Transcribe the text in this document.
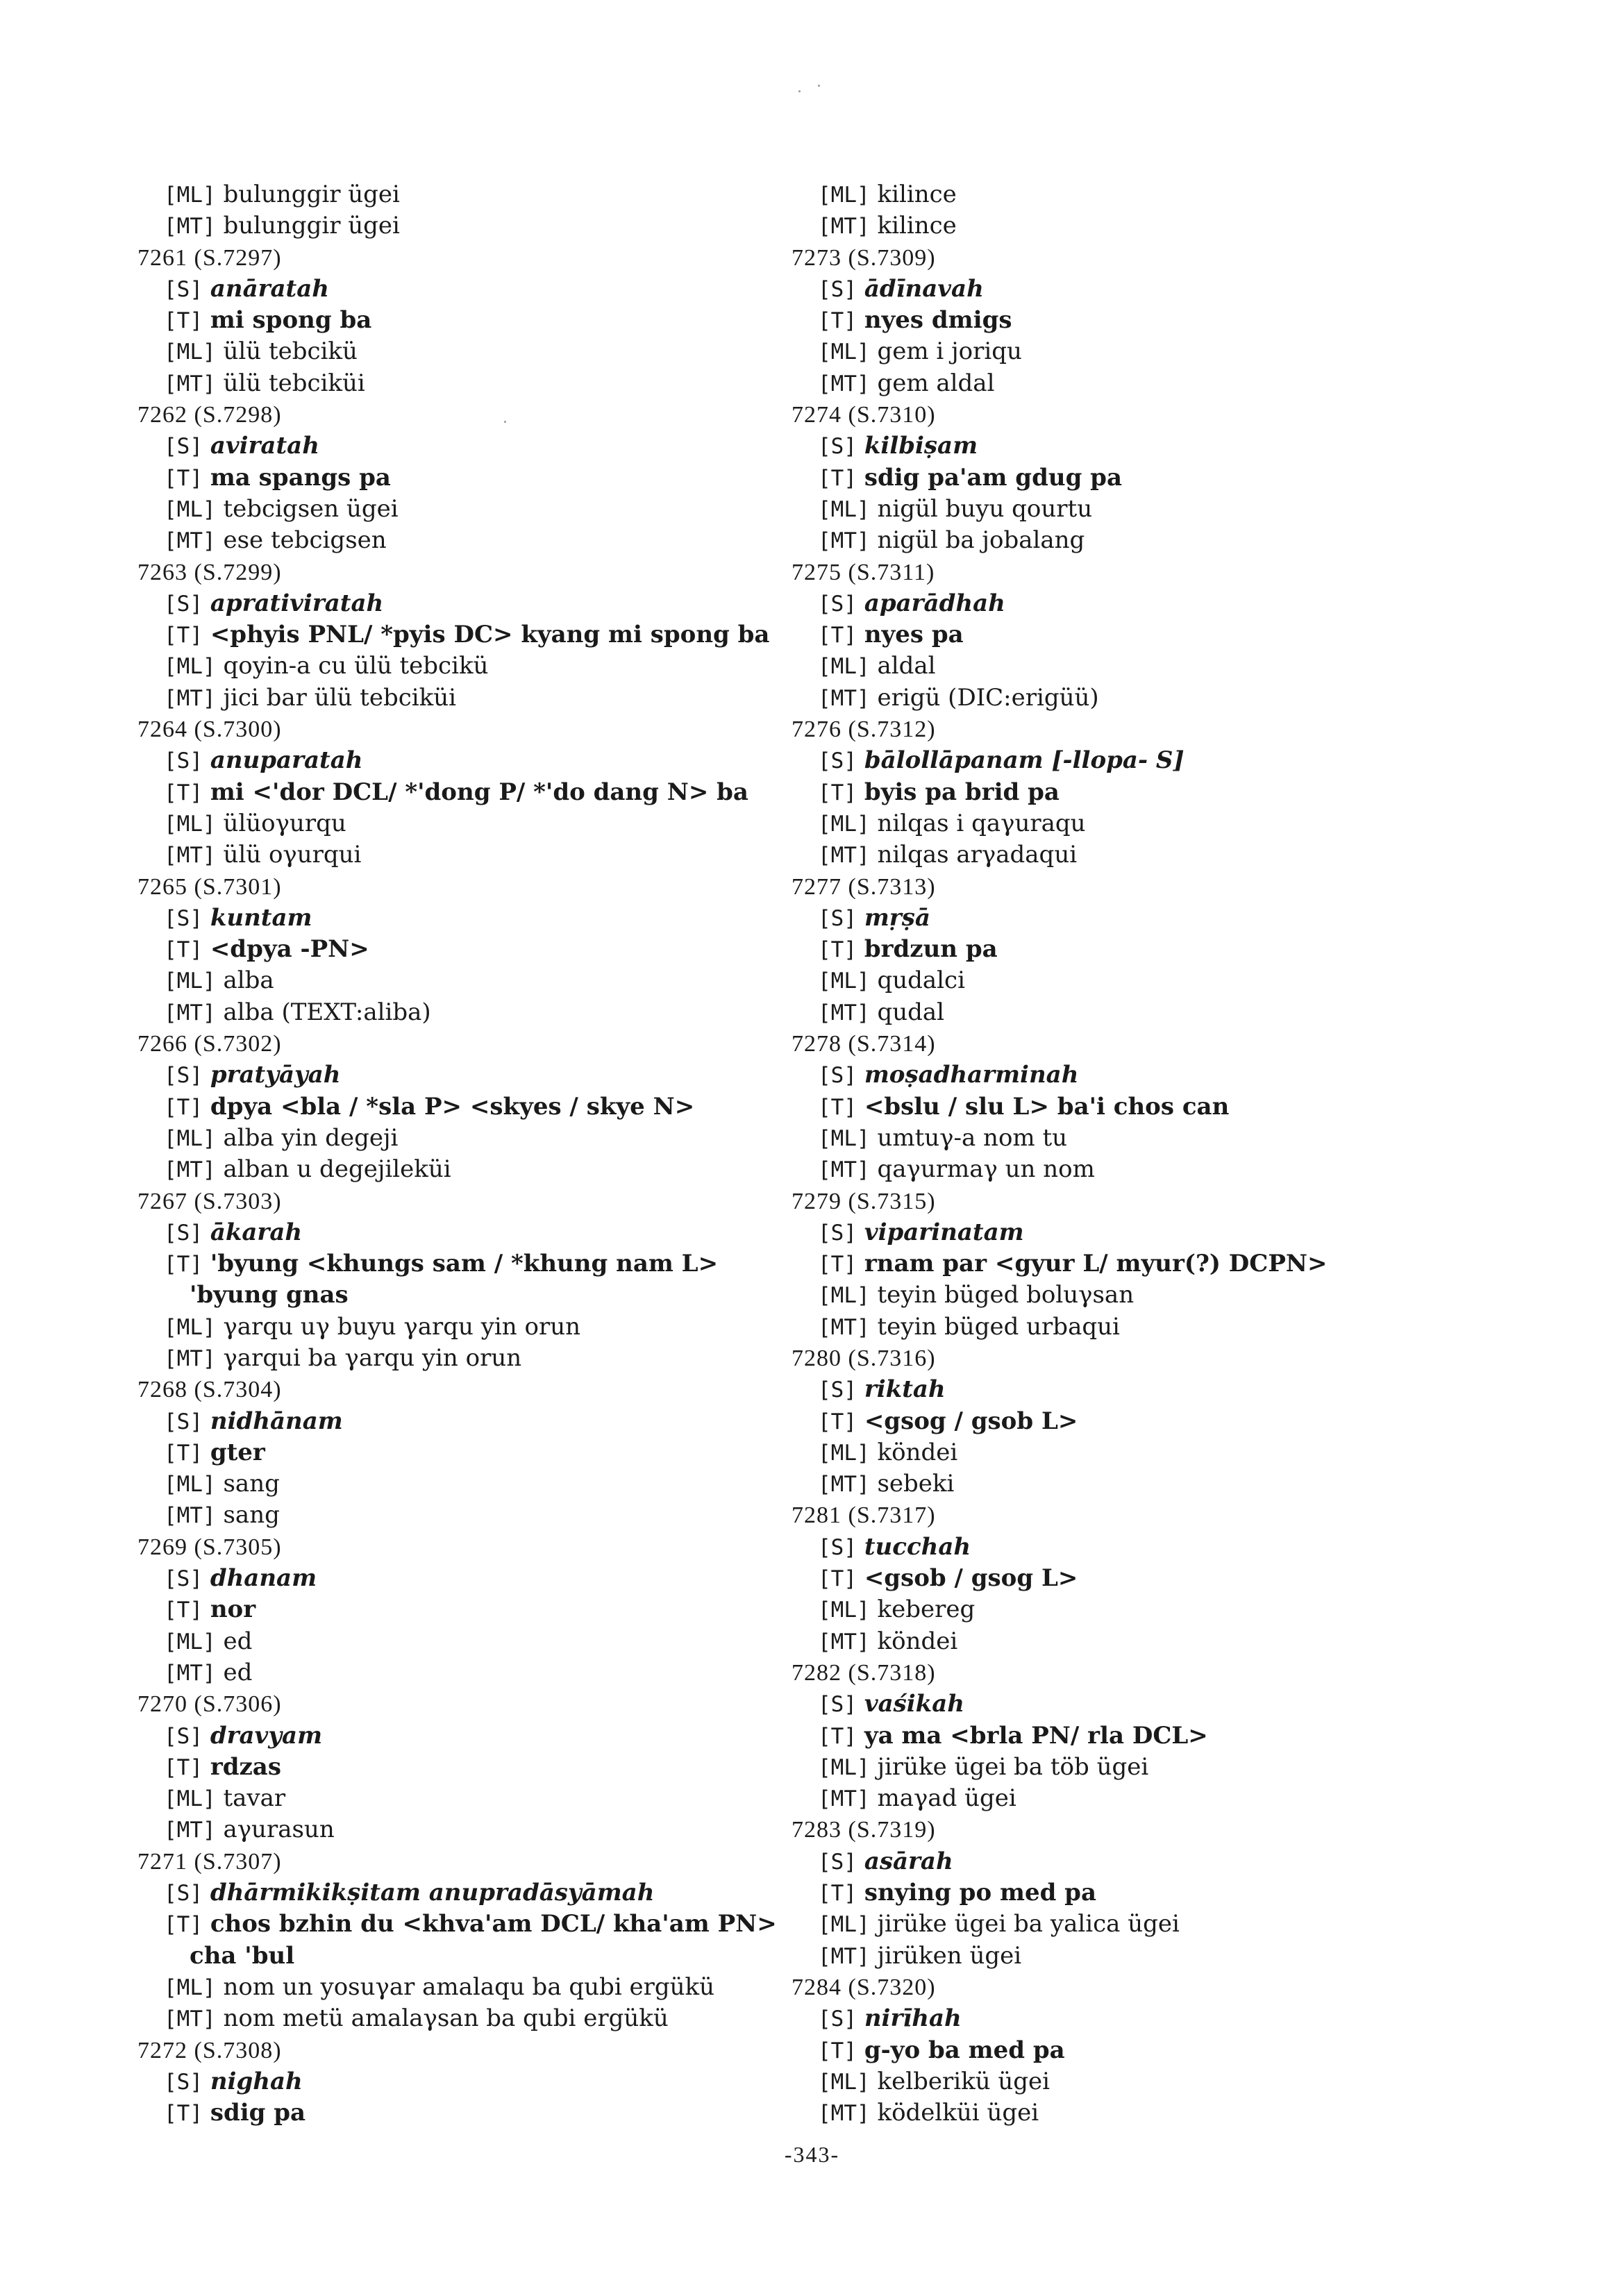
[ML] bulunggir ügei
[MT] bulunggir ügei
7261 (S.7297)
[S] anāratah
[T] mi spong ba
[ML] ülü tebcikü
[MT] ülü tebciküi
7262 (S.7298)
[S] aviratah
[T] ma spangs pa
[ML] tebcigsen ügei
[MT] ese tebcigsen
7263 (S.7299)
[S] aprativiratah
[T] <phyis PNL/ *pyis DC> kyang mi spong ba
[ML] qoyin-a cu ülü tebcikü
[MT] jici bar ülü tebciküi
7264 (S.7300)
[S] anuparatah
[T] mi <'dor DCL/ *'dong P/ *'do dang N> ba
[ML] ülüoγurqu
[MT] ülü oγurqui
7265 (S.7301)
[S] kuntam
[T] <dpya -PN>
[ML] alba
[MT] alba (TEXT:aliba)
7266 (S.7302)
[S] pratyāyah
[T] dpya <bla / *sla P> <skyes / skye N>
[ML] alba yin degeji
[MT] alban u degejileküi
7267 (S.7303)
[S] ākarah
[T] 'byung <khungs sam / *khung nam L>
'byung gnas
[ML] γarqu uγ buyu γarqu yin orun
[MT] γarqui ba γarqu yin orun
7268 (S.7304)
[S] nidhānam
[T] gter
[ML] sang
[MT] sang
7269 (S.7305)
[S] dhanam
[T] nor
[ML] ed
[MT] ed
7270 (S.7306)
[S] dravyam
[T] rdzas
[ML] tavar
[MT] aγurasun
7271 (S.7307)
[S] dhārmikikṣitam anupradāsyāmah
[T] chos bzhin du <khva'am DCL/ kha'am PN>
cha 'bul
[ML] nom un yosuγar amalaqu ba qubi ergükü
[MT] nom metü amalaγsan ba qubi ergükü
7272 (S.7308)
[S] nighah
[T] sdig pa
[ML] kilince
[MT] kilince
7273 (S.7309)
[S] ādīnavah
[T] nyes dmigs
[ML] gem i joriqu
[MT] gem aldal
7274 (S.7310)
[S] kilbiṣam
[T] sdig pa'am gdug pa
[ML] nigül buyu qourtu
[MT] nigül ba jobalang
7275 (S.7311)
[S] aparādhah
[T] nyes pa
[ML] aldal
[MT] erigü (DIC:erigüü)
7276 (S.7312)
[S] bālollāpanam [-llopa- S]
[T] byis pa brid pa
[ML] nilqas i qaγuraqu
[MT] nilqas arγadaqui
7277 (S.7313)
[S] mṛṣā
[T] brdzun pa
[ML] qudalci
[MT] qudal
7278 (S.7314)
[S] moṣadharminah
[T] <bslu / slu L> ba'i chos can
[ML] umtuγ-a nom tu
[MT] qaγurmaγ un nom
7279 (S.7315)
[S] viparinatam
[T] rnam par <gyur L/ myur(?) DCPN>
[ML] teyin büged boluγsan
[MT] teyin büged urbaqui
7280 (S.7316)
[S] riktah
[T] <gsog / gsob L>
[ML] köndei
[MT] sebeki
7281 (S.7317)
[S] tucchah
[T] <gsob / gsog L>
[ML] kebereg
[MT] köndei
7282 (S.7318)
[S] vaśikah
[T] ya ma <brla PN/ rla DCL>
[ML] jirüke ügei ba töb ügei
[MT] maγad ügei
7283 (S.7319)
[S] asārah
[T] snying po med pa
[ML] jirüke ügei ba yalica ügei
[MT] jirüken ügei
7284 (S.7320)
[S] nirīhah
[T] g-yo ba med pa
[ML] kelberikü ügei
[MT] ködelküi ügei
-343-
